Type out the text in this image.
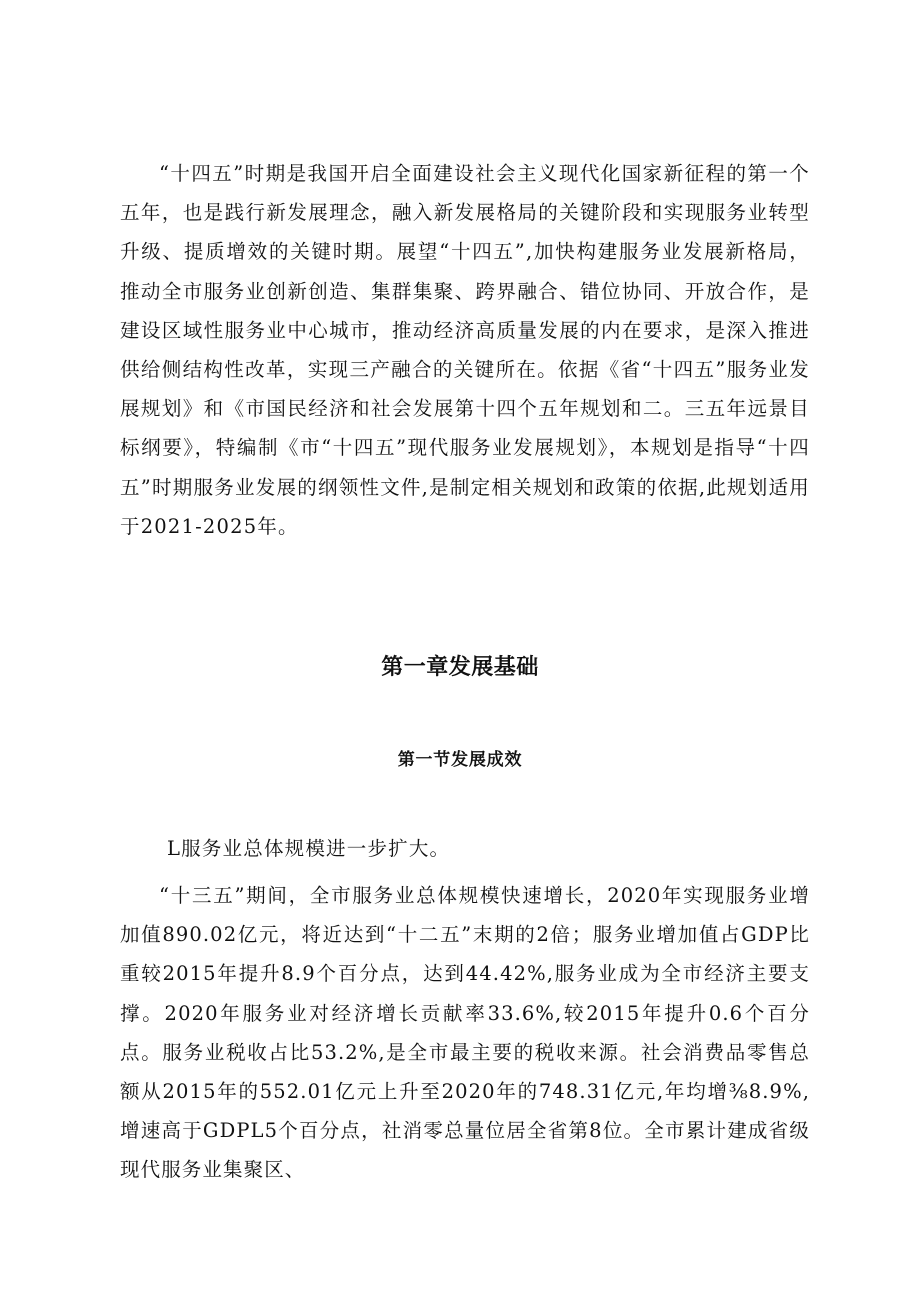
“十四五”时期是我国开启全面建设社会主义现代化国家新征程的第一个五年，也是践行新发展理念，融入新发展格局的关键阶段和实现服务业转型升级、提质增效的关键时期。展望“十四五”,加快构建服务业发展新格局，推动全市服务业创新创造、集群集聚、跨界融合、错位协同、开放合作，是建设区域性服务业中心城市，推动经济高质量发展的内在要求，是深入推进供给侧结构性改革，实现三产融合的关键所在。依据《省“十四五”服务业发展规划》和《市国民经济和社会发展第十四个五年规划和二。三五年远景目标纲要》，特编制《市“十四五”现代服务业发展规划》，本规划是指导“十四五”时期服务业发展的纲领性文件,是制定相关规划和政策的依据,此规划适用于2021-2025年。

第一章发展基础
第一节发展成效

L服务业总体规模进一步扩大。

“十三五”期间，全市服务业总体规模快速增长，2020年实现服务业增加值890.02亿元，将近达到“十二五”末期的2倍；服务业增加值占GDP比重较2015年提升8.9个百分点，达到44.42%,服务业成为全市经济主要支撑。2020年服务业对经济增长贡献率33.6%,较2015年提升0.6个百分点。服务业税收占比53.2%,是全市最主要的税收来源。社会消费品零售总额从2015年的552.01亿元上升至2020年的748.31亿元,年均增⅜8.9%,增速高于GDPL5个百分点，社消零总量位居全省第8位。全市累计建成省级现代服务业集聚区、
